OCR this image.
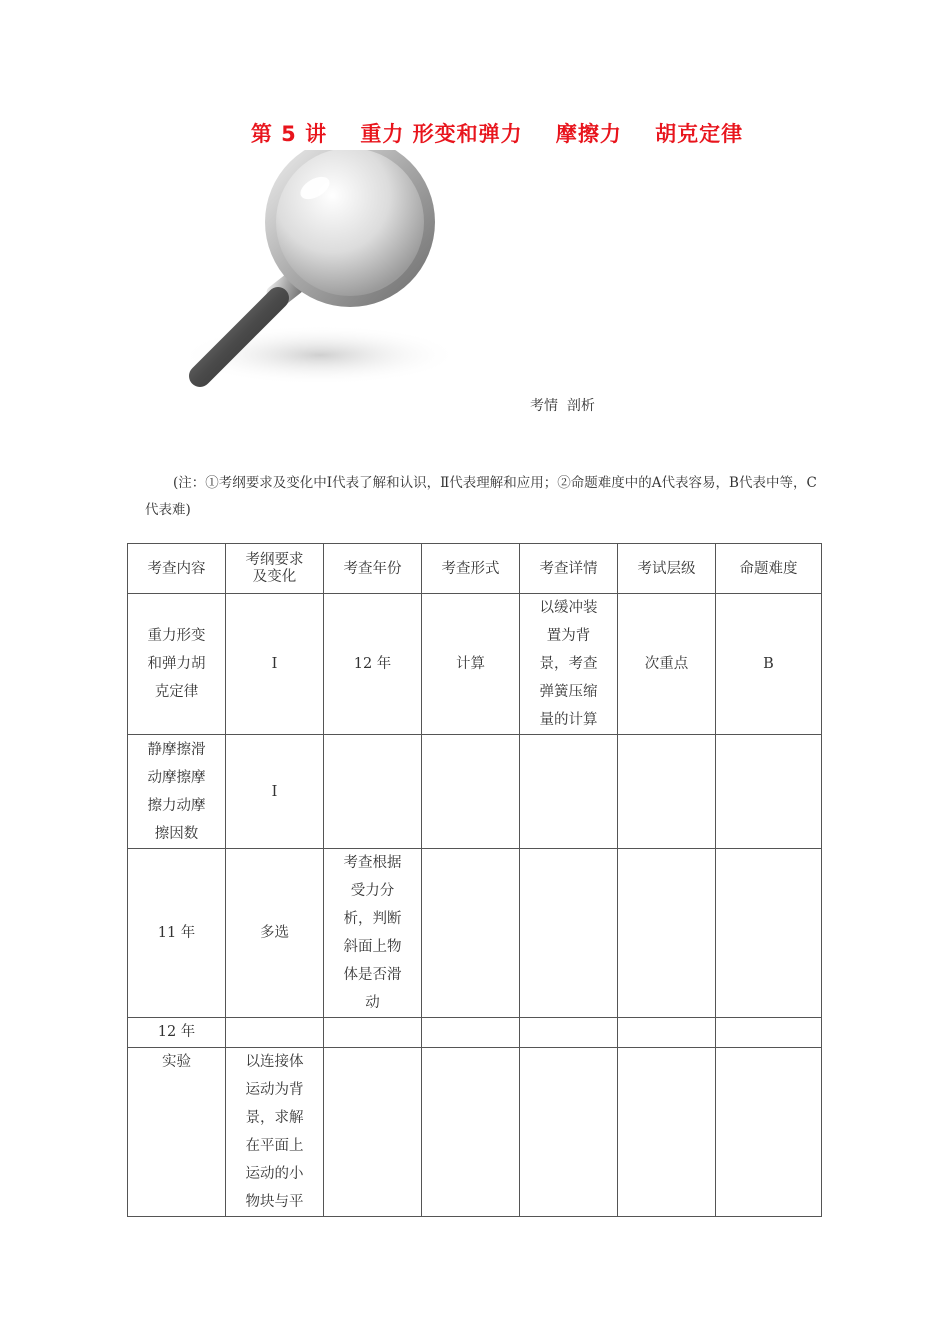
第 5 讲    重力 形变和弹力    摩擦力    胡克定律
考情  剖析
(注：①考纲要求及变化中Ⅰ代表了解和认识，Ⅱ代表理解和应用；②命题难度中的A代表容易，B代表中等，C代表难)
考查内容	考纲要求及变化	考查年份	考查形式	考查详情	考试层级	命题难度
重力形变和弹力胡克定律	Ⅰ	12 年	计算	以缓冲装置为背景，考查弹簧压缩量的计算	次重点	B
静摩擦滑动摩擦摩擦力动摩擦因数	Ⅰ					
11 年	多选	考查根据受力分析，判断斜面上物体是否滑动				
12 年						
实验	以连接体运动为背景，求解在平面上运动的小物块与平					
